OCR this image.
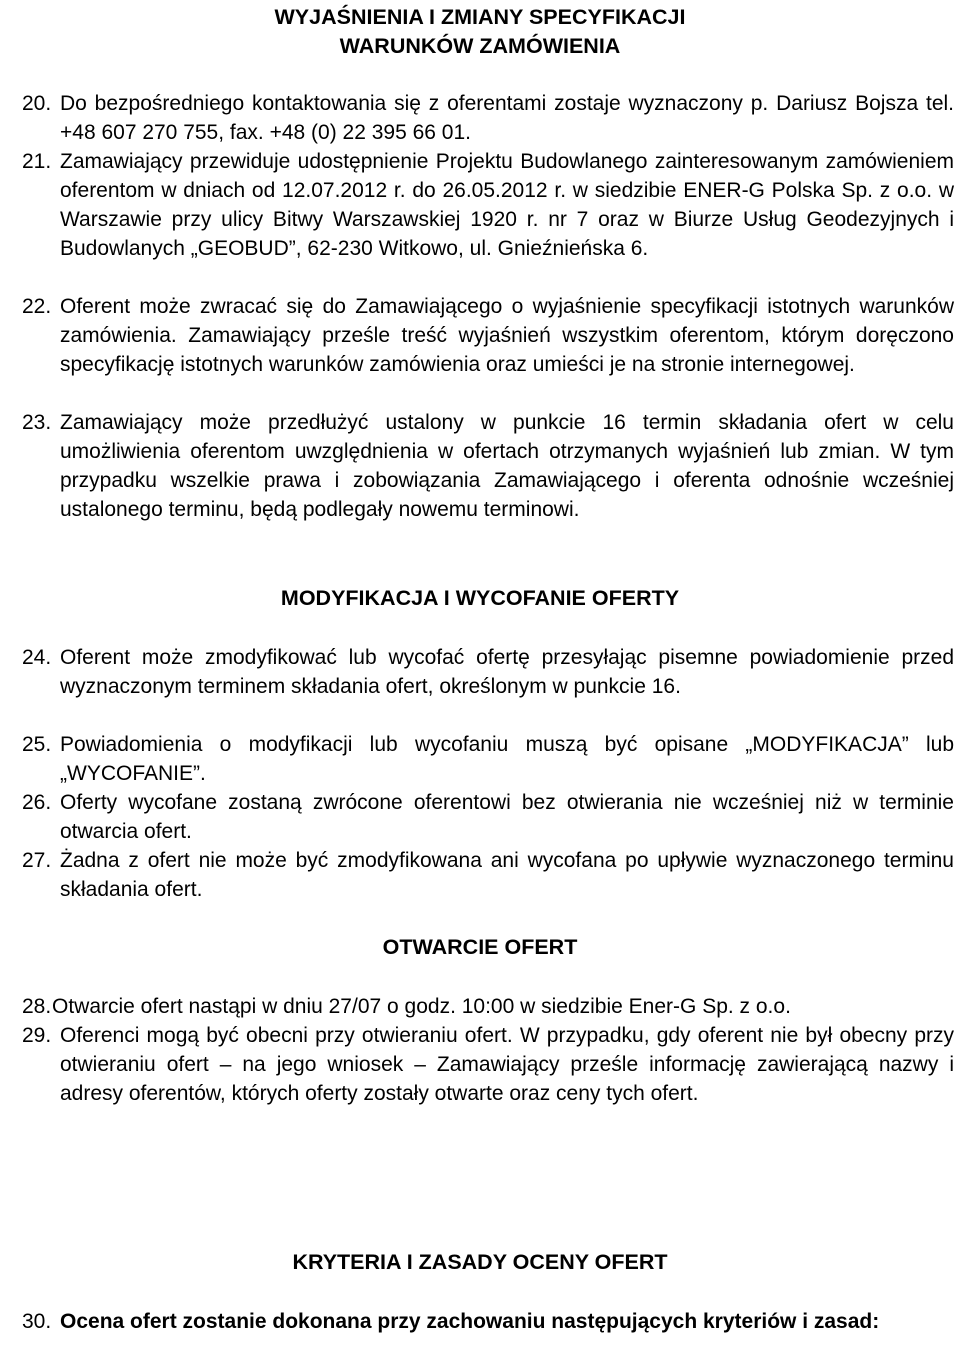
WYJAŚNIENIA I ZMIANY SPECYFIKACJI
WARUNKÓW ZAMÓWIENIA
20. Do bezpośredniego kontaktowania się z oferentami zostaje wyznaczony p. Dariusz Bojsza tel. +48 607 270 755, fax. +48 (0) 22 395 66 01.
21. Zamawiający przewiduje udostępnienie Projektu Budowlanego zainteresowanym zamówieniem oferentom w dniach od 12.07.2012 r. do 26.05.2012 r. w siedzibie ENER-G Polska Sp. z o.o. w Warszawie przy ulicy Bitwy Warszawskiej 1920 r. nr 7 oraz w Biurze Usług Geodezyjnych i Budowlanych „GEOBUD”, 62-230 Witkowo, ul. Gnieźnieńska 6.
22. Oferent może zwracać się do Zamawiającego o wyjaśnienie specyfikacji istotnych warunków zamówienia. Zamawiający prześle treść wyjaśnień wszystkim oferentom, którym doręczono specyfikację istotnych warunków zamówienia oraz umieści je na stronie internegowej.
23. Zamawiający może przedłużyć ustalony w punkcie 16 termin składania ofert w celu umożliwienia oferentom uwzględnienia w ofertach otrzymanych wyjaśnień lub zmian. W tym przypadku wszelkie prawa i zobowiązania Zamawiającego i oferenta odnośnie wcześniej ustalonego terminu, będą podlegały nowemu terminowi.
MODYFIKACJA I WYCOFANIE OFERTY
24. Oferent może zmodyfikować lub wycofać ofertę przesyłając pisemne powiadomienie przed wyznaczonym terminem składania ofert, określonym w punkcie 16.
25. Powiadomienia o modyfikacji lub wycofaniu muszą być opisane „MODYFIKACJA” lub „WYCOFANIE”.
26. Oferty wycofane zostaną zwrócone oferentowi bez otwierania nie wcześniej niż w terminie otwarcia ofert.
27. Żadna z ofert nie może być zmodyfikowana ani wycofana po upływie wyznaczonego terminu składania ofert.
OTWARCIE OFERT
28. Otwarcie ofert nastąpi w dniu 27/07 o godz. 10:00 w siedzibie Ener-G Sp. z o.o.
29. Oferenci mogą być obecni przy otwieraniu ofert. W przypadku, gdy oferent nie był obecny przy otwieraniu ofert – na jego wniosek – Zamawiający prześle informację zawierającą nazwy i adresy oferentów, których oferty zostały otwarte oraz ceny tych ofert.
KRYTERIA I ZASADY OCENY OFERT
30. Ocena ofert zostanie dokonana przy zachowaniu następujących kryteriów i zasad:
